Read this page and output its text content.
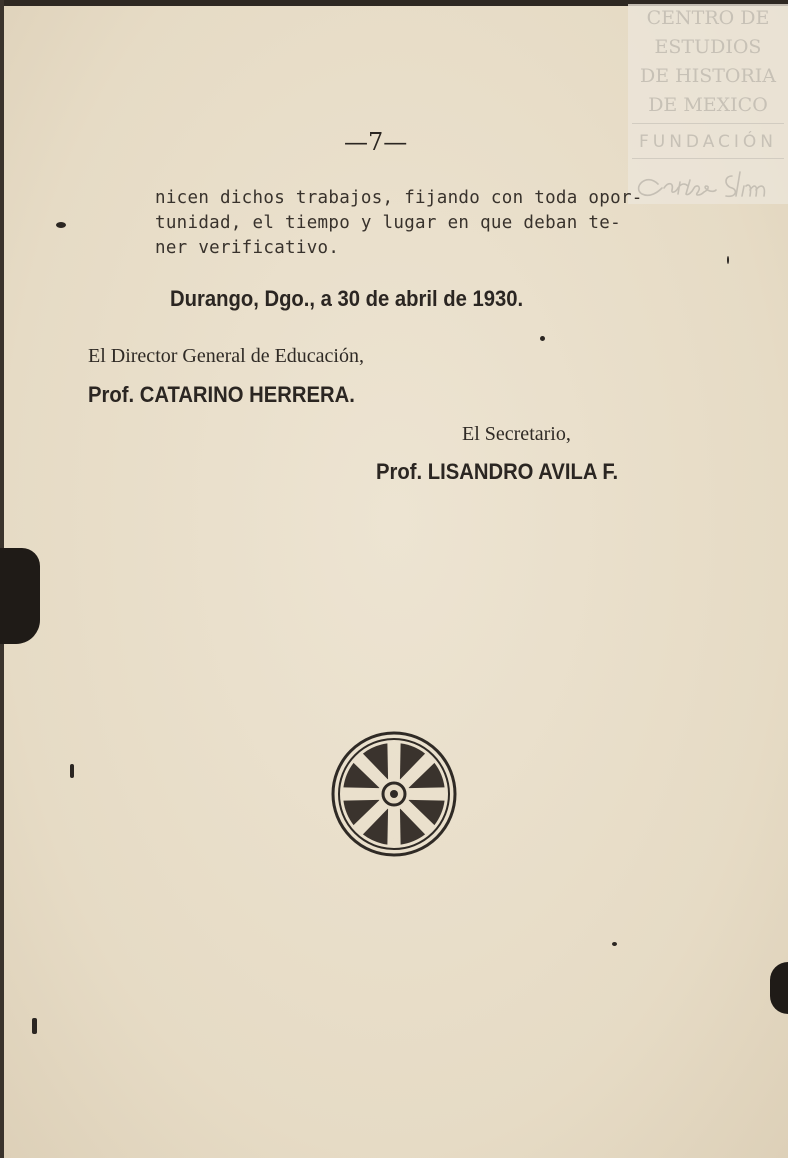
CENTRO DE
ESTUDIOS
DE HISTORIA
DE MEXICO
FUNDACIÓN
—7—
nicen dichos trabajos, fijando con toda opor-
tunidad, el tiempo y lugar en que deban te-
ner verificativo.
Durango, Dgo., a 30 de abril de 1930.
El Director General de Educación,
Prof. CATARINO HERRERA.
El Secretario,
Prof. LISANDRO AVILA F.
